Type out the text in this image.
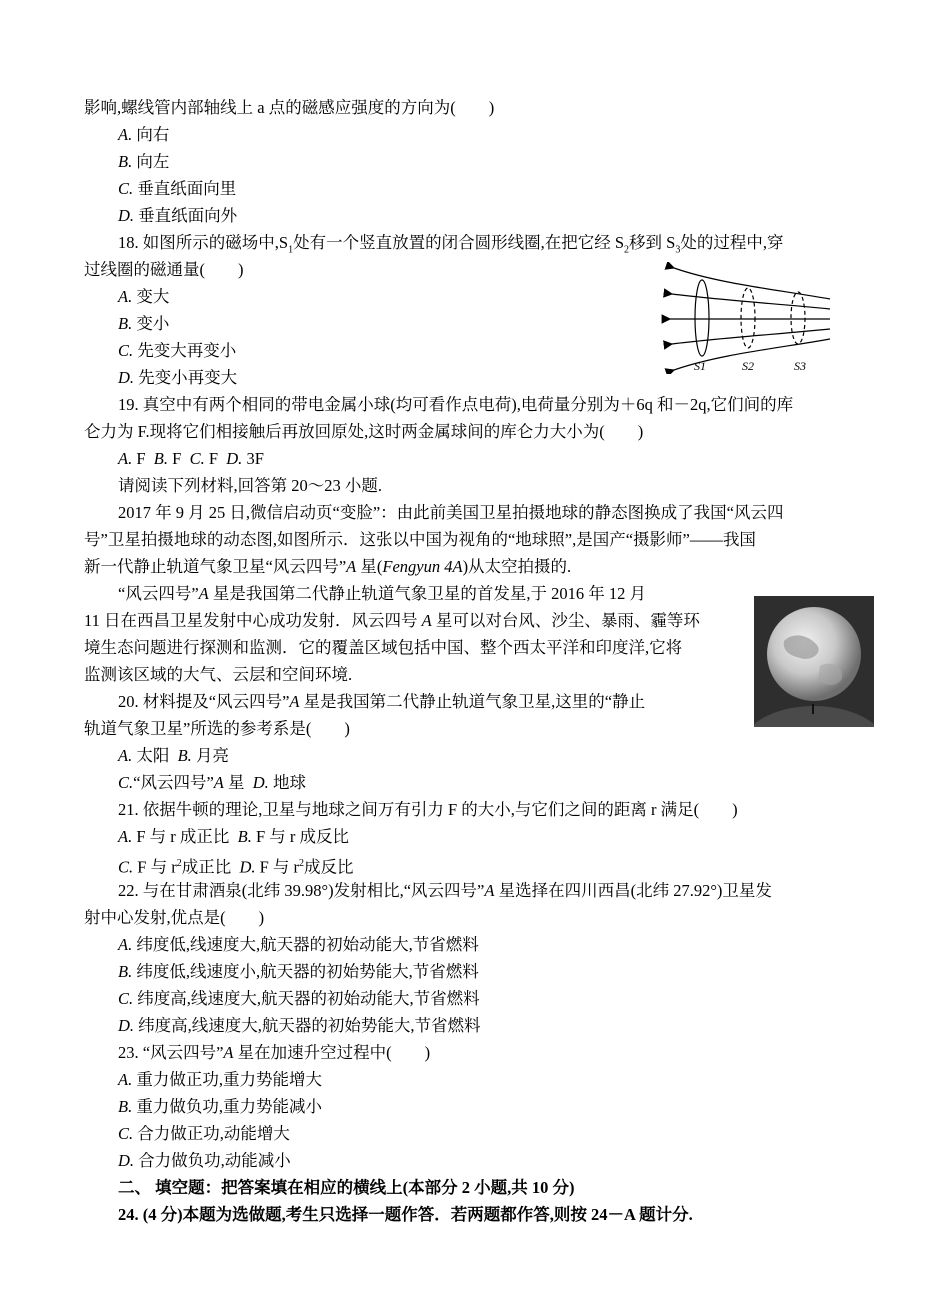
影响,螺线管内部轴线上 a 点的磁感应强度的方向为(　　)
A. 向右
B. 向左
C. 垂直纸面向里
D. 垂直纸面向外
18. 如图所示的磁场中$,S_1$处有一个竖直放置的闭合圆形线圈,在把它经 $S_2$移到 $S_3$处的过程中,穿
过线圈的磁通量(　　)
A. 变大
B. 变小
C. 先变大再变小
D. 先变小再变大
S1	S2	S3
19. 真空中有两个相同的带电金属小球(均可看作点电荷),电荷量分别为＋6q 和－2q,它们间的库
仑力为 F.现将它们相接触后再放回原处,这时两金属球间的库仑力大小为(　　)
A. F B. F C. F D. 3F
请阅读下列材料,回答第 20～23 小题.
2017 年 9 月 25 日,微信启动页“变脸”：由此前美国卫星拍摄地球的静态图换成了我国“风云四
号”卫星拍摄地球的动态图,如图所示．这张以中国为视角的“地球照”,是国产“摄影师”——我国
新一代静止轨道气象卫星“风云四号”A 星(Fengyun 4A)从太空拍摄的.
“风云四号”A 星是我国第二代静止轨道气象卫星的首发星,于 2016 年 12 月
11 日在西昌卫星发射中心成功发射．风云四号 A 星可以对台风、沙尘、暴雨、霾等环
境生态问题进行探测和监测．它的覆盖区域包括中国、整个西太平洋和印度洋,它将
监测该区域的大气、云层和空间环境.
20. 材料提及“风云四号”A 星是我国第二代静止轨道气象卫星,这里的“静止
轨道气象卫星”所选的参考系是(　　)
A. 太阳 B. 月亮
C.“风云四号”A 星 D. 地球
21. 依据牛顿的理论,卫星与地球之间万有引力 F 的大小,与它们之间的距离 r 满足(　　)
A. F 与 r 成正比 B. F 与 r 成反比
C. F 与 $r^2$成正比 D. F 与 $r^2$成反比
22. 与在甘肃酒泉(北纬 39.98°)发射相比,“风云四号”A 星选择在四川西昌(北纬 27.92°)卫星发
射中心发射,优点是(　　)
A. 纬度低,线速度大,航天器的初始动能大,节省燃料
B. 纬度低,线速度小,航天器的初始势能大,节省燃料
C. 纬度高,线速度大,航天器的初始动能大,节省燃料
D. 纬度高,线速度大,航天器的初始势能大,节省燃料
23. “风云四号”A 星在加速升空过程中(　　)
A. 重力做正功,重力势能增大
B. 重力做负功,重力势能减小
C. 合力做正功,动能增大
D. 合力做负功,动能减小
二、 填空题：把答案填在相应的横线上(本部分 2 小题,共 10 分)
24. (4 分)本题为选做题,考生只选择一题作答．若两题都作答,则按 24－A 题计分.
